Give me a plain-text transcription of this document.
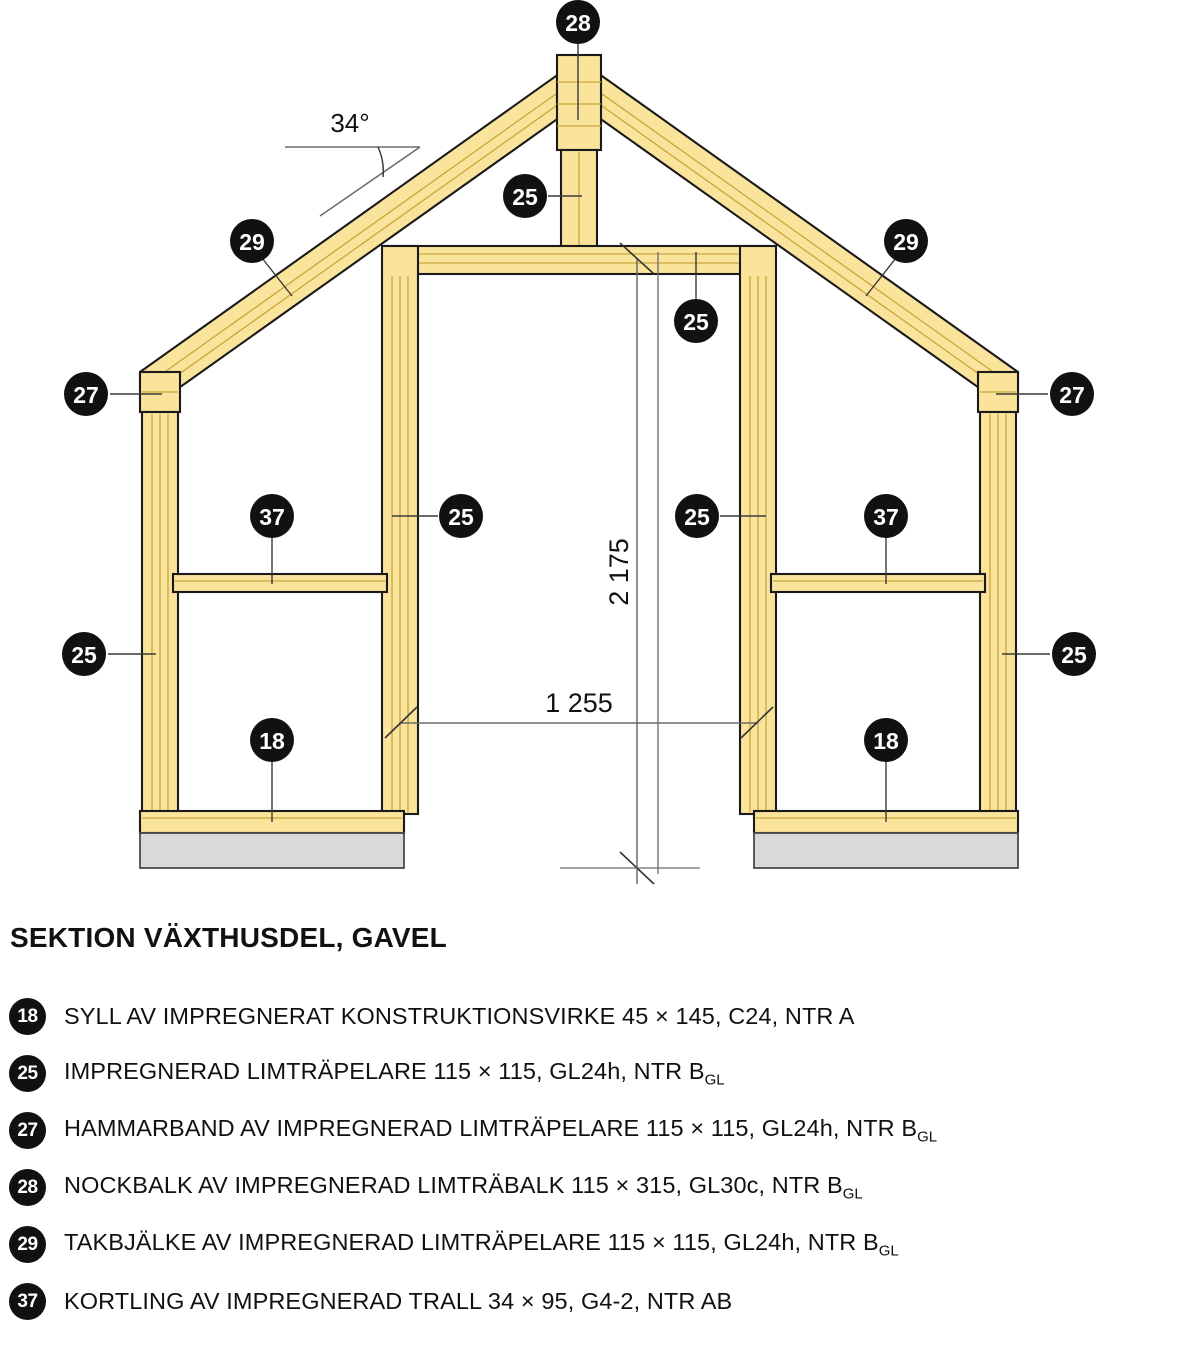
34°
2 175
1 255
28
25
29	29
25
27	27
37	37
25	25
25	25
18	18
SEKTION VÄXTHUSDEL, GAVEL
18	SYLL AV IMPREGNERAT KONSTRUKTIONSVIRKE 45 × 145, C24, NTR A
25	IMPREGNERAD LIMTRÄPELARE 115 × 115, GL24h, NTR $B_{GL}$
27	HAMMARBAND AV IMPREGNERAD LIMTRÄPELARE 115 × 115, GL24h, NTR $B_{GL}$
28	NOCKBALK AV IMPREGNERAD LIMTRÄBALK 115 × 315, GL30c, NTR $B_{GL}$
29	TAKBJÄLKE AV IMPREGNERAD LIMTRÄPELARE 115 × 115, GL24h, NTR $B_{GL}$
37	KORTLING AV IMPREGNERAD TRALL 34 × 95, G4-2, NTR AB
